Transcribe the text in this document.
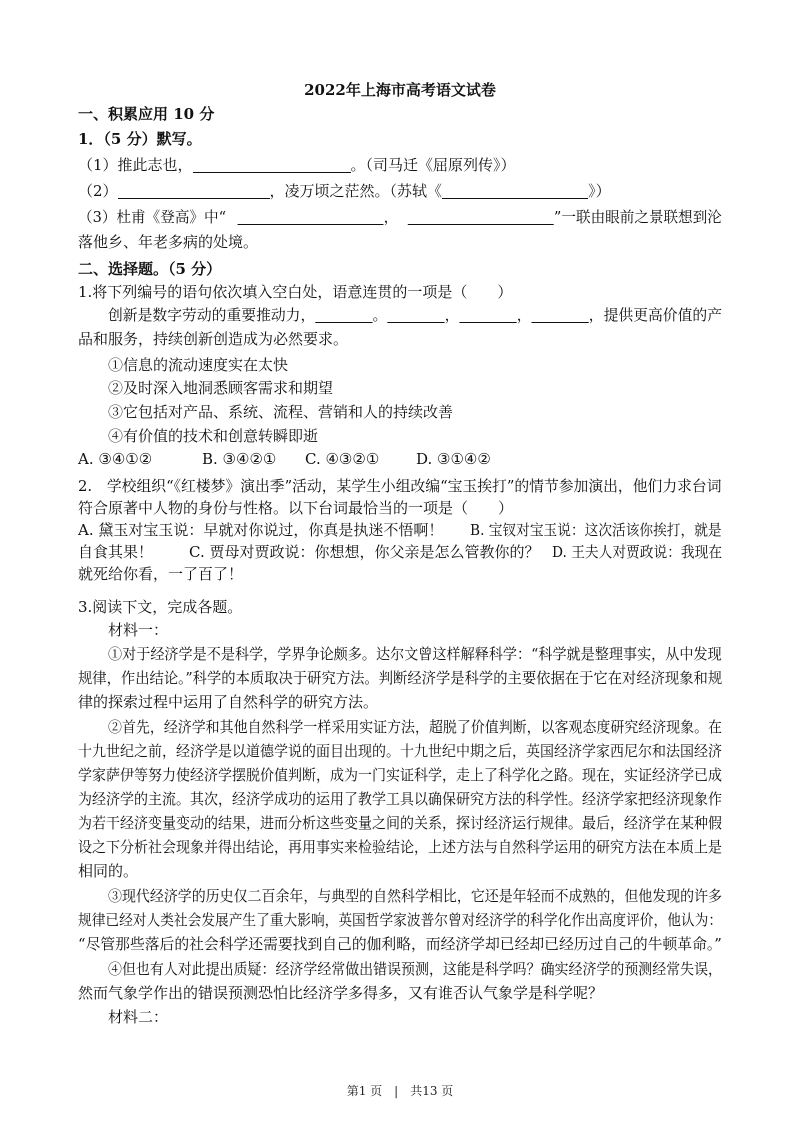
2022年上海市高考语文试卷
一、积累应用 10 分
1．（5 分）默写。
（1）推此志也，	。（司马迁《屈原列传》）
（2）	，凌万顷之茫然。（苏轼《	》）
（3）杜甫《登高》中“	，	”一联由眼前之景联想到沦
落他乡、年老多病的处境。
二、选择题。（5 分）
1.将下列编号的语句依次填入空白处，语意连贯的一项是（　　）
创新是数字劳动的重要推动力，	。	，	，	，提供更高价值的产
品和服务，持续创新创造成为必然要求。
①信息的流动速度实在太快
②及时深入地洞悉顾客需求和期望
③它包括对产品、系统、流程、营销和人的持续改善
④有价值的技术和创意转瞬即逝
A. ③④①②	B. ③④②① C. ④③②① D. ③①④②
2.　学校组织“《红楼梦》演出季”活动，某学生小组改编“宝玉挨打”的情节参加演出，他们力求台词
符合原著中人物的身份与性格。以下台词最恰当的一项是（　　）
A. 黛玉对宝玉说：早就对你说过，你真是执迷不悟啊！ B. 宝钗对宝玉说：这次活该你挨打，就是
自食其果！ C. 贾母对贾政说：你想想，你父亲是怎么管教你的？ D. 王夫人对贾政说：我现在
就死给你看，一了百了！
3.阅读下文，完成各题。
材料一：
①对于经济学是不是科学，学界争论颇多。达尔文曾这样解释科学：“科学就是整理事实，从中发现
规律，作出结论。”科学的本质取决于研究方法。判断经济学是科学的主要依据在于它在对经济现象和规
律的探索过程中运用了自然科学的研究方法。
②首先，经济学和其他自然科学一样采用实证方法，超脱了价值判断，以客观态度研究经济现象。在
十九世纪之前，经济学是以道德学说的面目出现的。十九世纪中期之后，英国经济学家西尼尔和法国经济
学家萨伊等努力使经济学摆脱价值判断，成为一门实证科学，走上了科学化之路。现在，实证经济学已成
为经济学的主流。其次，经济学成功的运用了教学工具以确保研究方法的科学性。经济学家把经济现象作
为若干经济变量变动的结果，进而分析这些变量之间的关系，探讨经济运行规律。最后，经济学在某种假
设之下分析社会现象并得出结论，再用事实来检验结论，上述方法与自然科学运用的研究方法在本质上是
相同的。
③现代经济学的历史仅二百余年，与典型的自然科学相比，它还是年轻而不成熟的，但他发现的许多
规律已经对人类社会发展产生了重大影响，英国哲学家波普尔曾对经济学的科学化作出高度评价，他认为：
“尽管那些落后的社会科学还需要找到自己的伽利略，而经济学却已经却已经历过自己的牛顿革命。”
④但也有人对此提出质疑：经济学经常做出错误预测，这能是科学吗？确实经济学的预测经常失误，
然而气象学作出的错误预测恐怕比经济学多得多，又有谁否认气象学是科学呢？
材料二：
第1 页　|　共13 页
